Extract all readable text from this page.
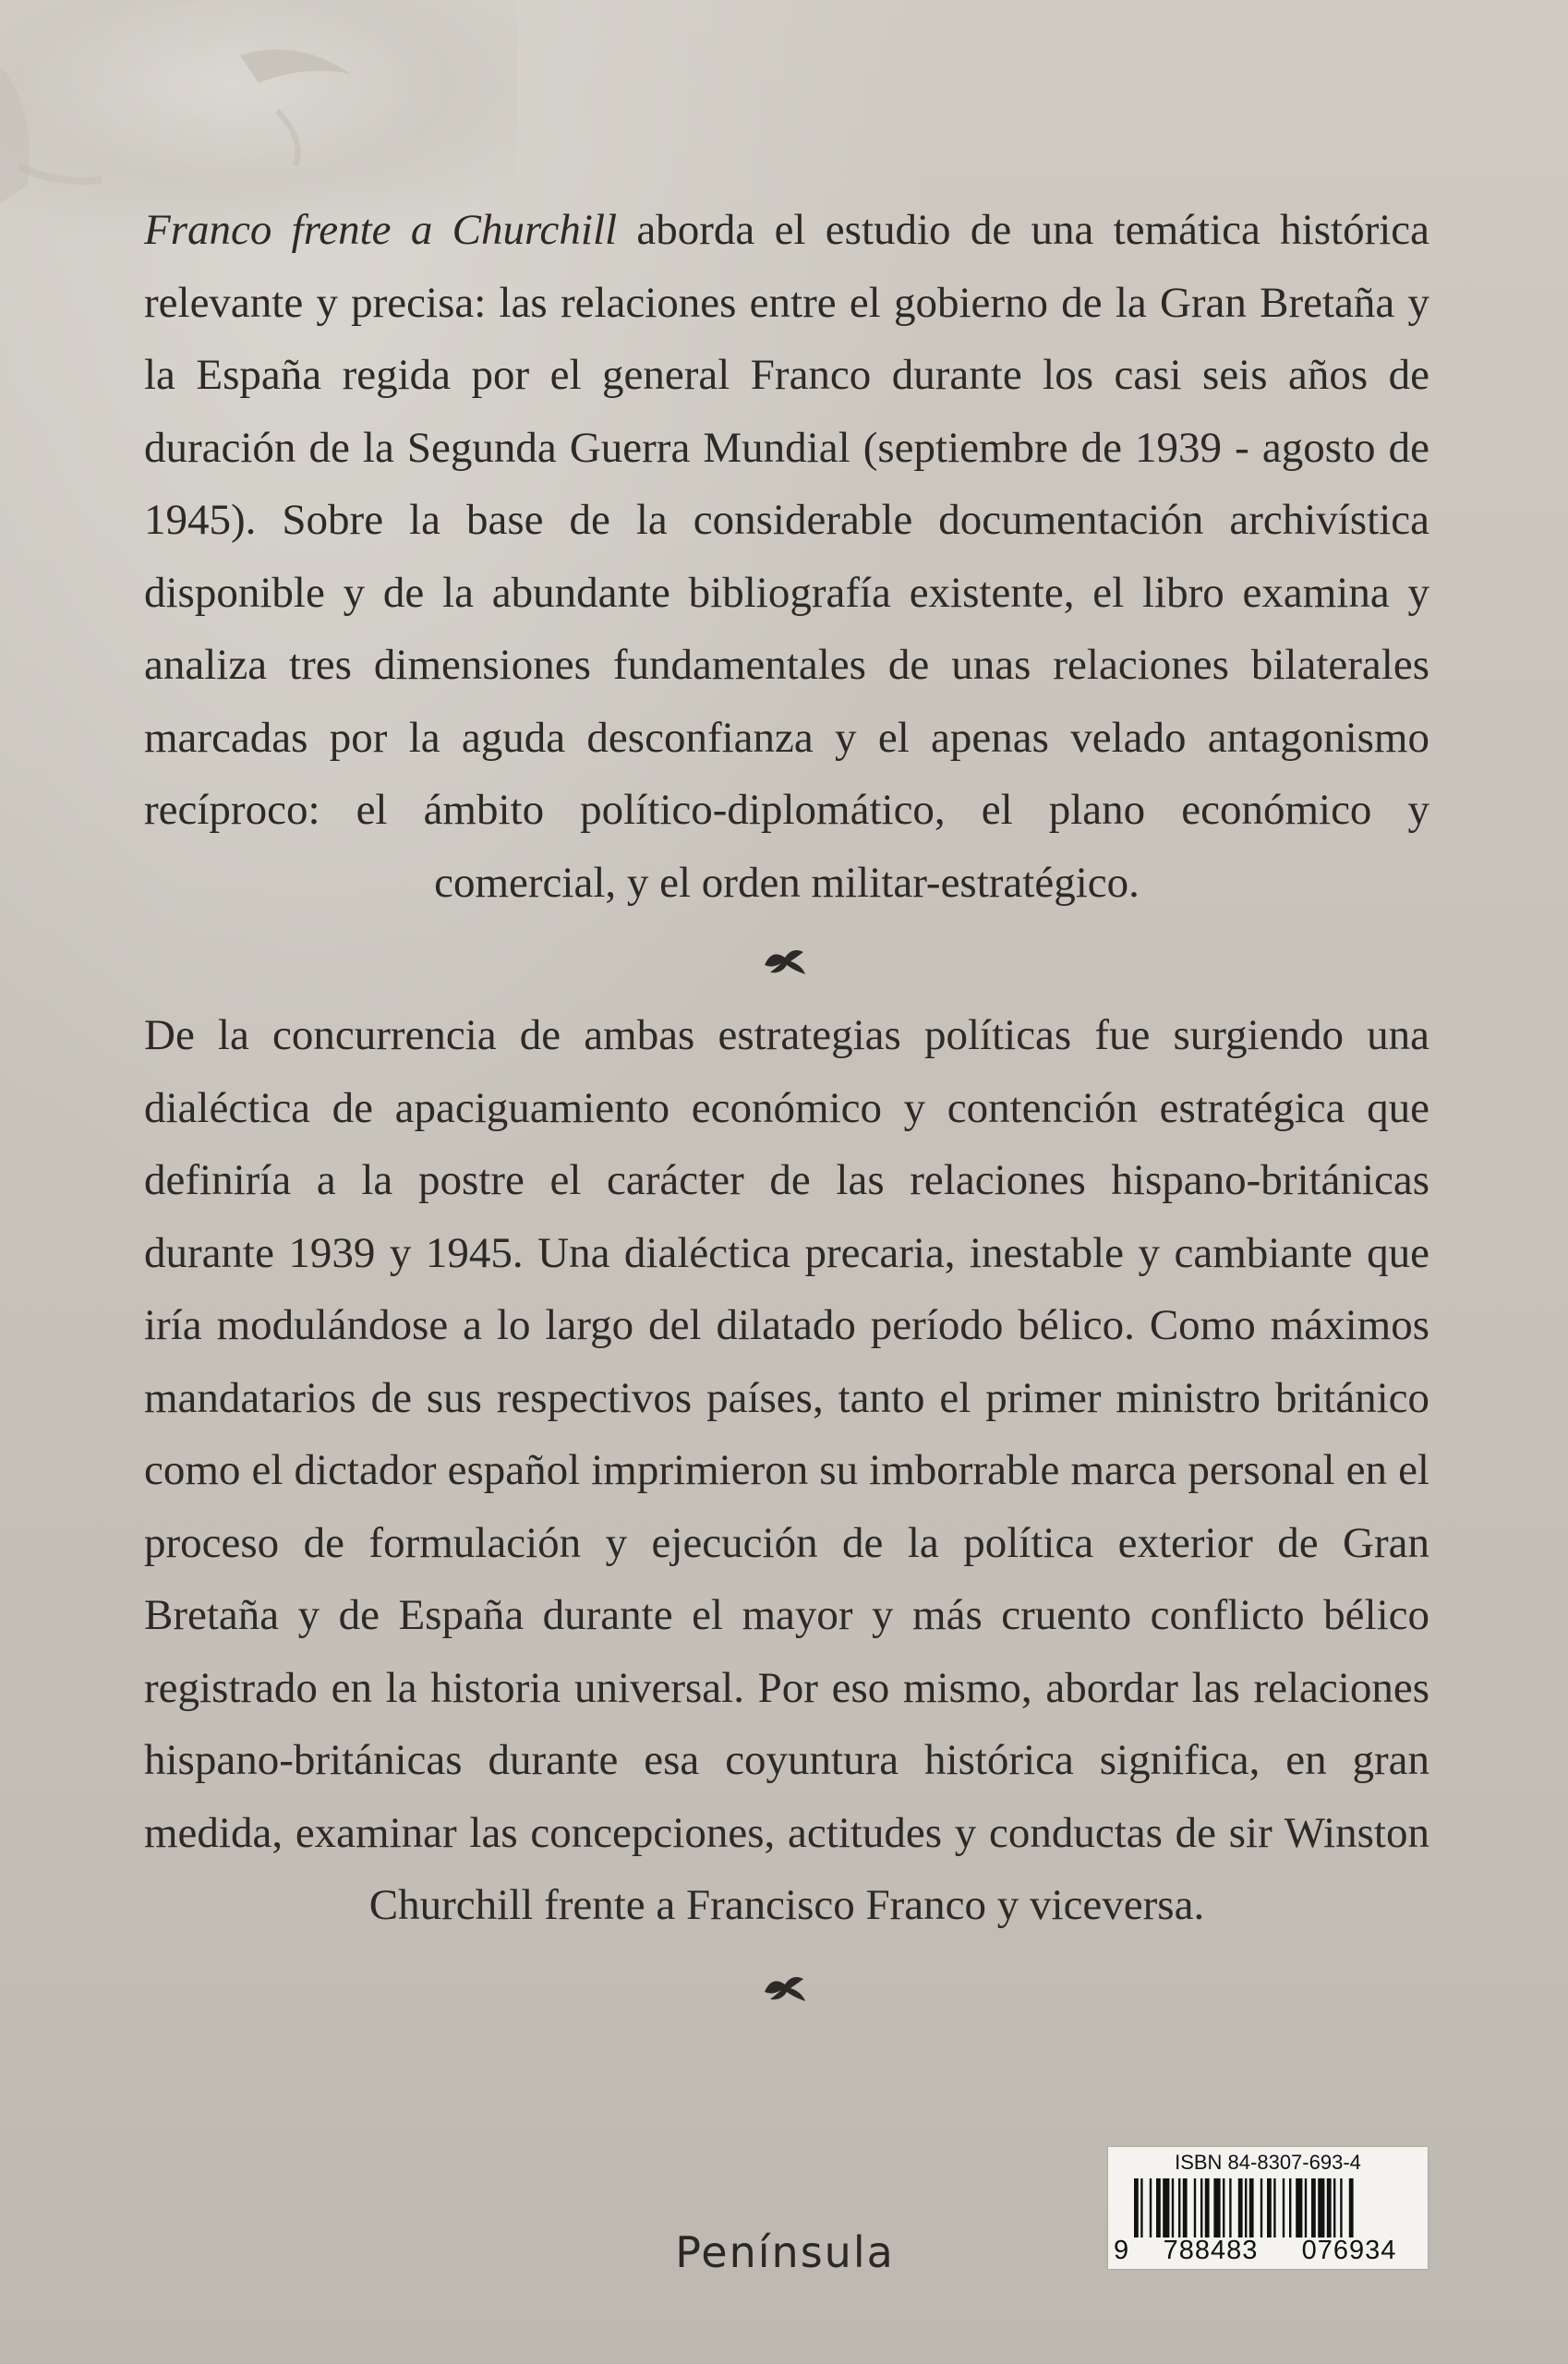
Franco frente a Churchill aborda el estudio de una temática histórica relevante y precisa: las relaciones entre el gobierno de la Gran Bretaña y la España regida por el general Franco durante los casi seis años de duración de la Segunda Guerra Mundial (septiembre de 1939 - agosto de 1945). Sobre la base de la considerable documentación archivística disponible y de la abundante bibliografía existente, el libro examina y analiza tres dimensiones fundamentales de unas relaciones bilaterales marcadas por la aguda desconfianza y el apenas velado antagonismo recíproco: el ámbito político-diplomático, el plano económico y comercial, y el orden militar-estratégico.
De la concurrencia de ambas estrategias políticas fue surgiendo una dialéctica de apaciguamiento económico y contención estratégica que definiría a la postre el carácter de las relaciones hispano-británicas durante 1939 y 1945. Una dialéctica precaria, inestable y cambiante que iría modulándose a lo largo del dilatado período bélico. Como máximos mandatarios de sus respectivos países, tanto el primer ministro británico como el dictador español imprimieron su imborrable marca personal en el proceso de formulación y ejecución de la política exterior de Gran Bretaña y de España durante el mayor y más cruento conflicto bélico registrado en la historia universal. Por eso mismo, abordar las relaciones hispano-británicas durante esa coyuntura histórica significa, en gran medida, examinar las concepciones, actitudes y conductas de sir Winston Churchill frente a Francisco Franco y viceversa.
Península
ISBN 84-8307-693-4
9 788483 076934
